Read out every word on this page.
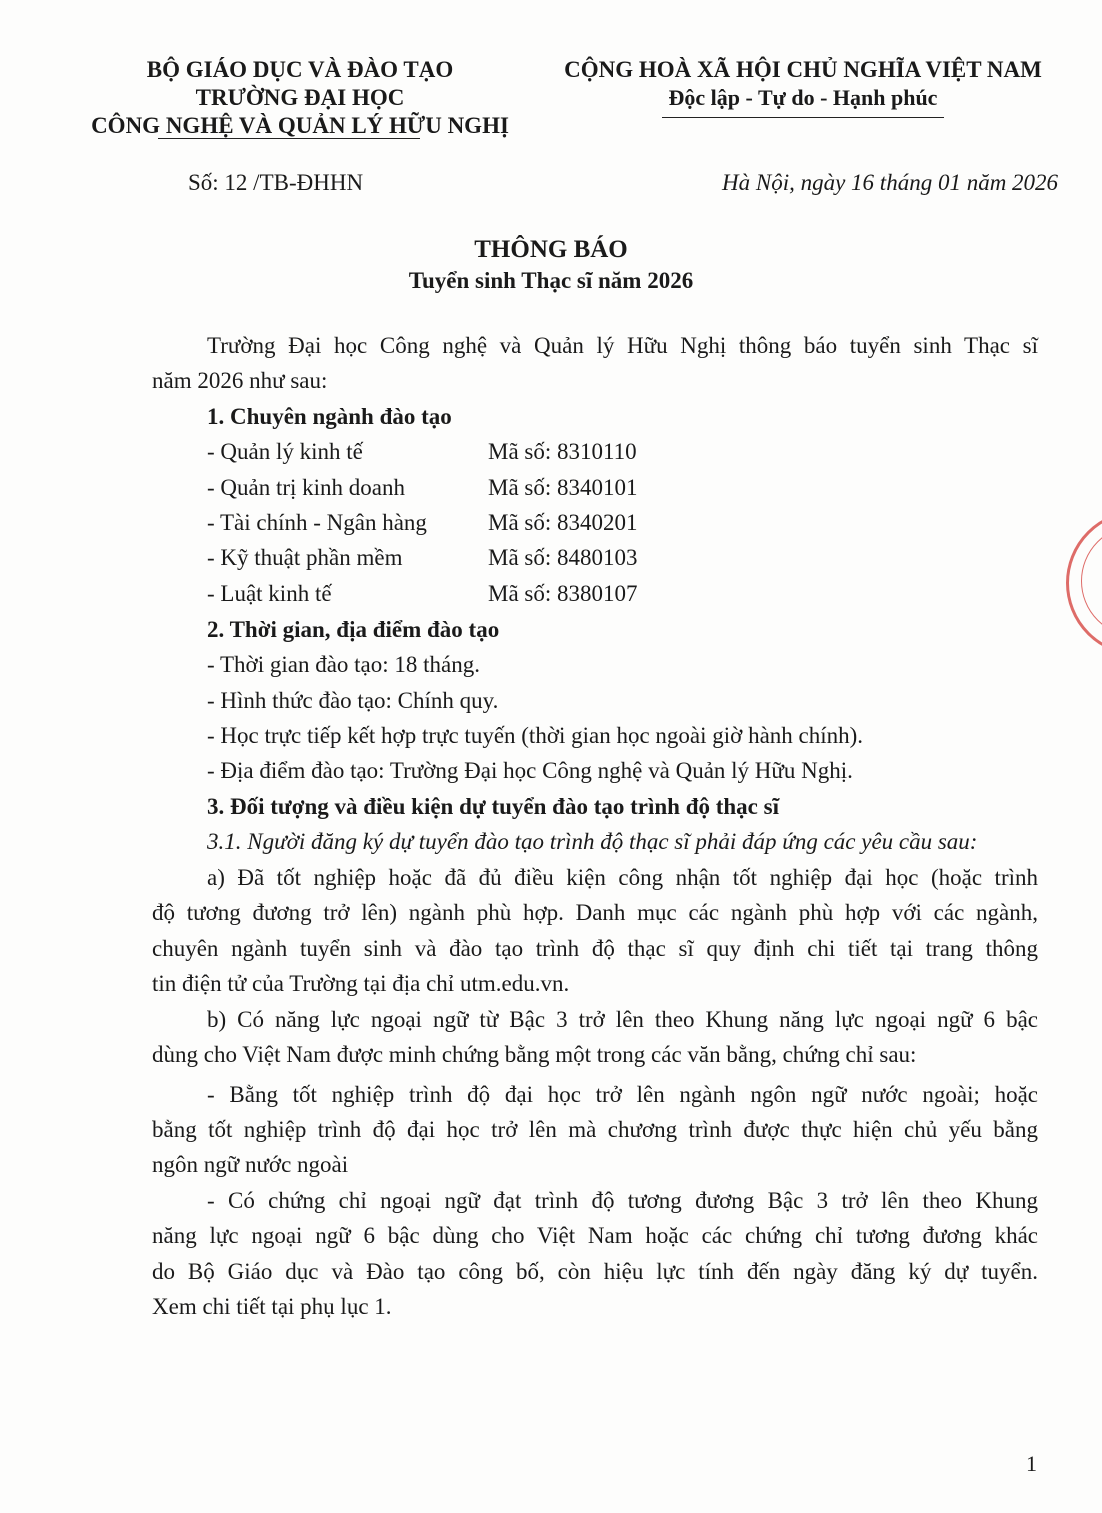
BỘ GIÁO DỤC VÀ ĐÀO TẠO
TRƯỜNG ĐẠI HỌC
CÔNG NGHỆ VÀ QUẢN LÝ HỮU NGHỊ
CỘNG HOÀ XÃ HỘI CHỦ NGHĨA VIỆT NAM
Độc lập - Tự do - Hạnh phúc
Số: 12 /TB-ĐHHN	Hà Nội, ngày 16 tháng 01 năm 2026
THÔNG BÁO
Tuyển sinh Thạc sĩ năm 2026
Trường Đại học Công nghệ và Quản lý Hữu Nghị thông báo tuyển sinh Thạc sĩ
năm 2026 như sau:
1. Chuyên ngành đào tạo
- Quản lý kinh tế	Mã số: 8310110
- Quản trị kinh doanh	Mã số: 8340101
- Tài chính - Ngân hàng	Mã số: 8340201
- Kỹ thuật phần mềm	Mã số: 8480103
- Luật kinh tế	Mã số: 8380107
2. Thời gian, địa điểm đào tạo
- Thời gian đào tạo: 18 tháng.
- Hình thức đào tạo: Chính quy.
- Học trực tiếp kết hợp trực tuyến (thời gian học ngoài giờ hành chính).
- Địa điểm đào tạo: Trường Đại học Công nghệ và Quản lý Hữu Nghị.
3. Đối tượng và điều kiện dự tuyển đào tạo trình độ thạc sĩ
3.1. Người đăng ký dự tuyển đào tạo trình độ thạc sĩ phải đáp ứng các yêu cầu sau:
a) Đã tốt nghiệp hoặc đã đủ điều kiện công nhận tốt nghiệp đại học (hoặc trình
độ tương đương trở lên) ngành phù hợp. Danh mục các ngành phù hợp với các ngành,
chuyên ngành tuyển sinh và đào tạo trình độ thạc sĩ quy định chi tiết tại trang thông
tin điện tử của Trường tại địa chỉ utm.edu.vn.
b) Có năng lực ngoại ngữ từ Bậc 3 trở lên theo Khung năng lực ngoại ngữ 6 bậc
dùng cho Việt Nam được minh chứng bằng một trong các văn bằng, chứng chỉ sau:
- Bằng tốt nghiệp trình độ đại học trở lên ngành ngôn ngữ nước ngoài; hoặc
bằng tốt nghiệp trình độ đại học trở lên mà chương trình được thực hiện chủ yếu bằng
ngôn ngữ nước ngoài
- Có chứng chỉ ngoại ngữ đạt trình độ tương đương Bậc 3 trở lên theo Khung
năng lực ngoại ngữ 6 bậc dùng cho Việt Nam hoặc các chứng chỉ tương đương khác
do Bộ Giáo dục và Đào tạo công bố, còn hiệu lực tính đến ngày đăng ký dự tuyển.
Xem chi tiết tại phụ lục 1.
1
